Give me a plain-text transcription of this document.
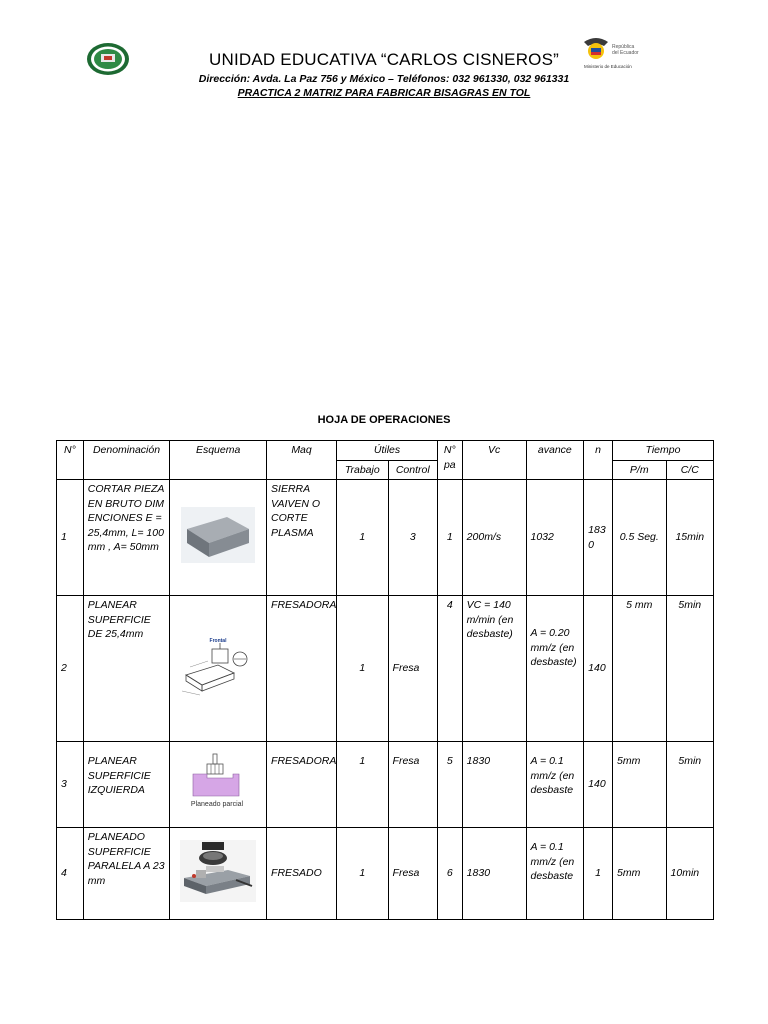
República del Ecuador
Ministerio de Educación
UNIDAD EDUCATIVA “CARLOS CISNEROS”
Dirección: Avda. La Paz 756 y México – Teléfonos: 032 961330, 032 961331
PRACTICA 2 MATRIZ PARA FABRICAR BISAGRAS EN TOL
HOJA DE OPERACIONES
N°	Denominación	Esquema	Maq	Útiles		N° pa	Vc	avance	n	Tiempo	
				Trabajo	Control					P/m	C/C
1	CORTAR PIEZA EN BRUTO DIMENCIONES E = 25,4mm, L= 100mm , A= 50mm		SIERRA VAIVEN O CORTE PLASMA	1	3	1	200m/s	1032	1830	0.5 Seg.	15min
2	PLANEAR SUPERFICIE DE 25,4mm	Frontal	FRESADORA	1	Fresa	4	VC = 140 m/min (en desbaste)	A = 0.20 mm/z (en desbaste)	140	5 mm	5min
3	PLANEAR SUPERFICIE IZQUIERDA	Planeado parcial	FRESADORA	1	Fresa	5	1830	A = 0.1 mm/z (en desbaste	140	5mm	5min
4	PLANEADO SUPERFICIE PARALELA A 23 mm		FRESADO	1	Fresa	6	1830	A = 0.1 mm/z (en desbaste	1	5mm	10min
